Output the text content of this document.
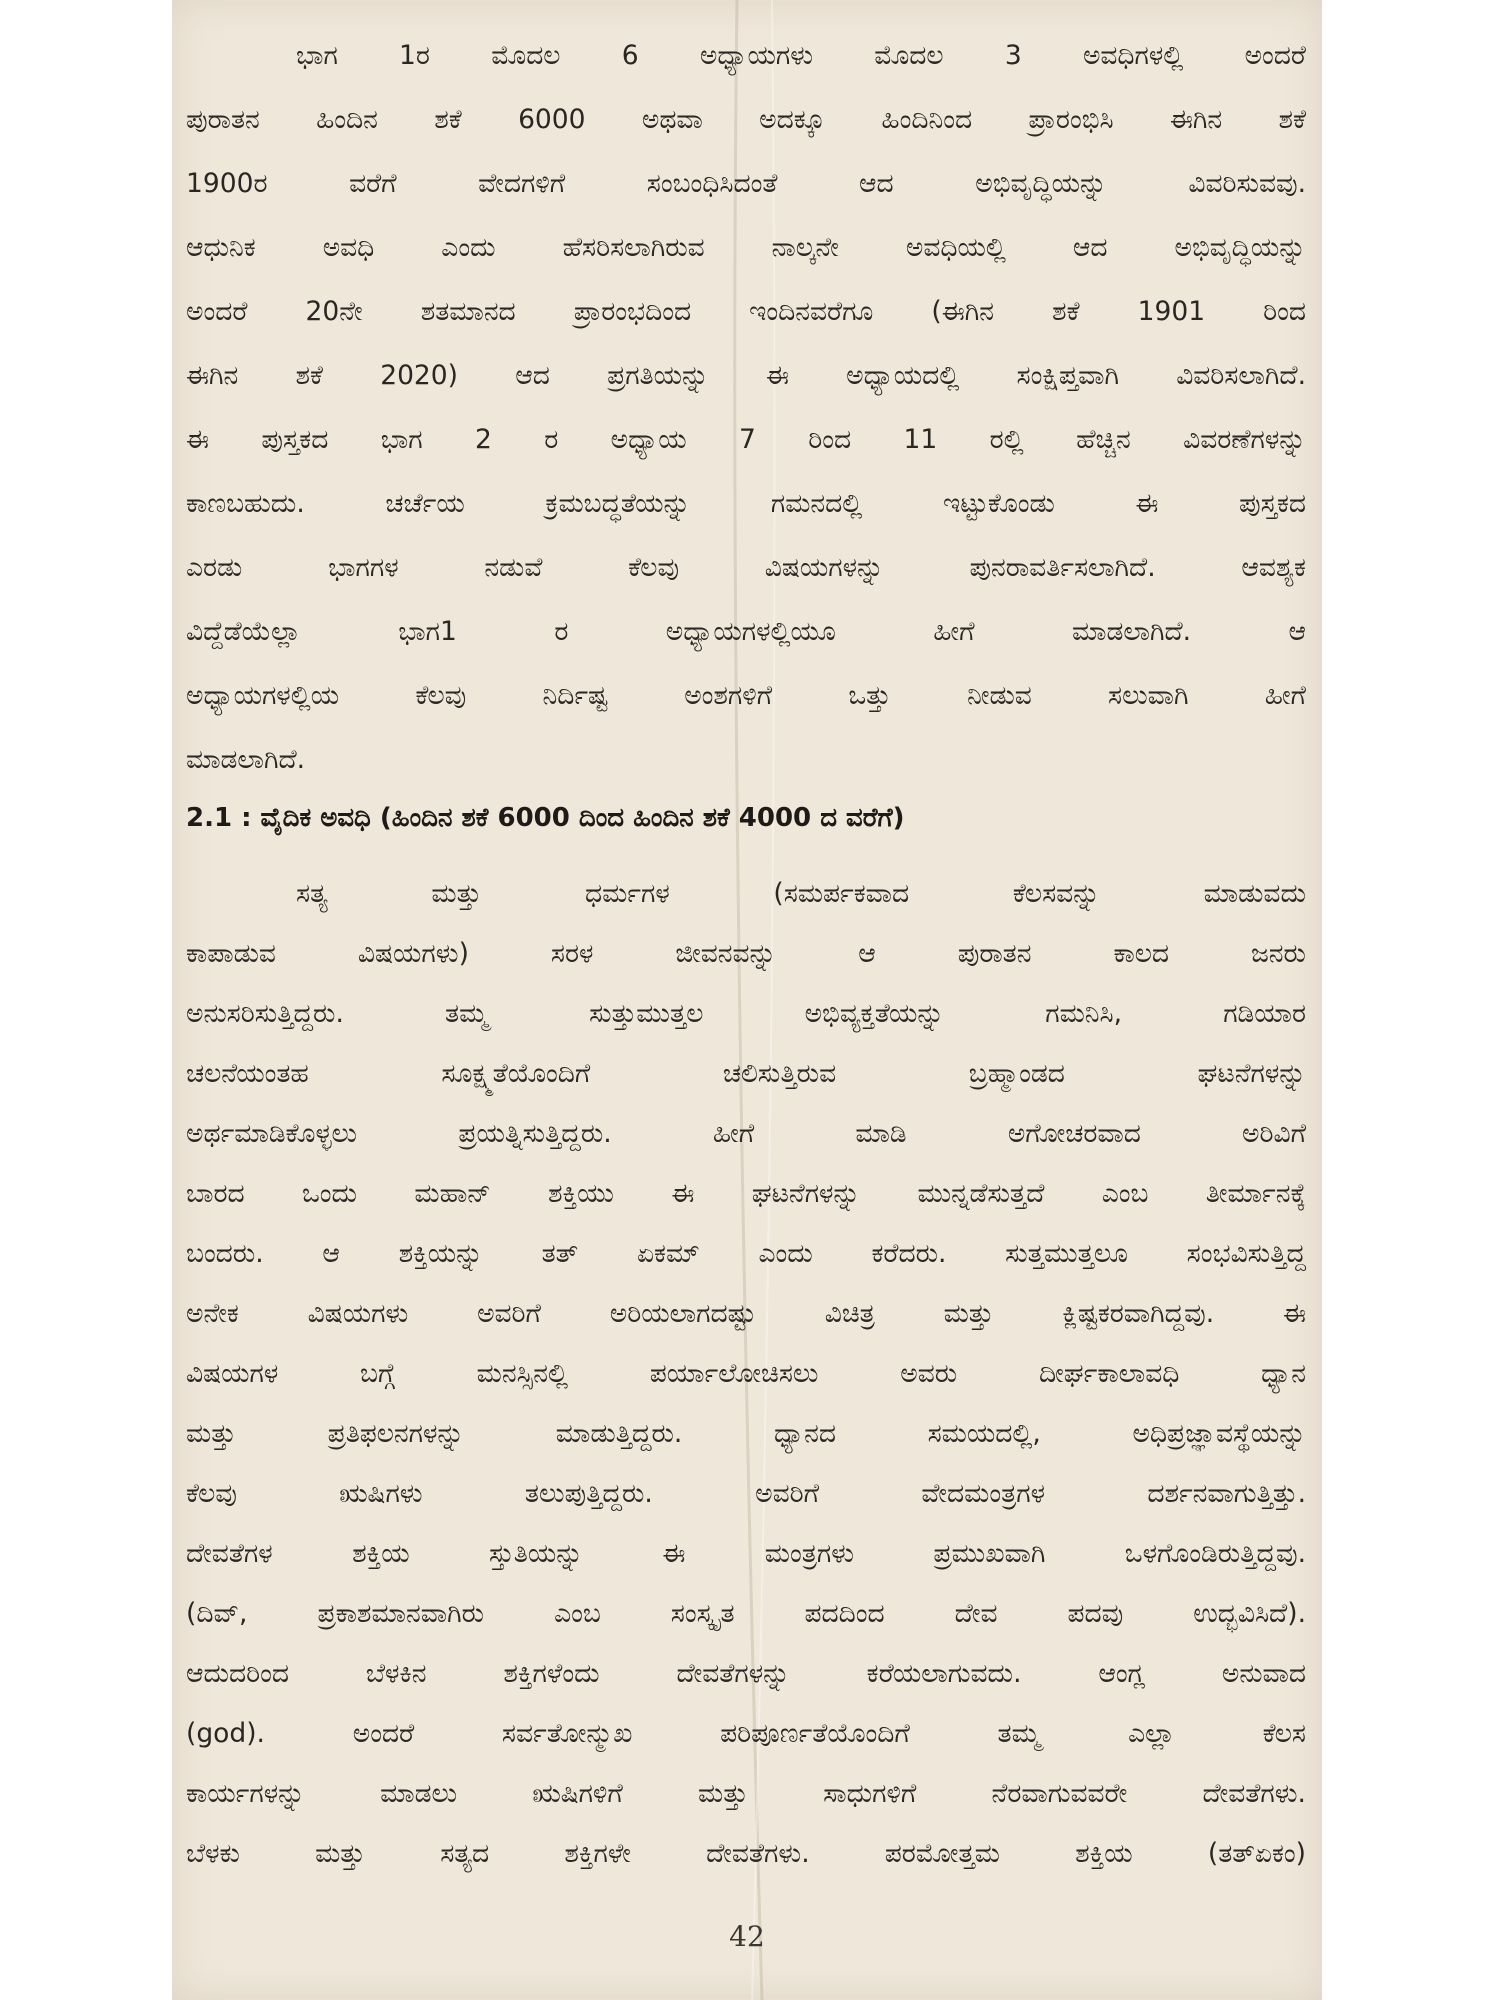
ಭಾಗ 1ರ ಮೊದಲ 6 ಅಧ್ಯಾಯಗಳು ಮೊದಲ 3 ಅವಧಿಗಳಲ್ಲಿ ಅಂದರೆ
ಪುರಾತನ ಹಿಂದಿನ ಶಕೆ 6000 ಅಥವಾ ಅದಕ್ಕೂ ಹಿಂದಿನಿಂದ ಪ್ರಾರಂಭಿಸಿ ಈಗಿನ ಶಕೆ
1900ರ ವರೆಗೆ ವೇದಗಳಿಗೆ ಸಂಬಂಧಿಸಿದಂತೆ ಆದ ಅಭಿವೃದ್ಧಿಯನ್ನು ವಿವರಿಸುವವು.
ಆಧುನಿಕ ಅವಧಿ ಎಂದು ಹೆಸರಿಸಲಾಗಿರುವ ನಾಲ್ಕನೇ ಅವಧಿಯಲ್ಲಿ ಆದ ಅಭಿವೃದ್ಧಿಯನ್ನು
ಅಂದರೆ 20ನೇ ಶತಮಾನದ ಪ್ರಾರಂಭದಿಂದ ಇಂದಿನವರೆಗೂ (ಈಗಿನ ಶಕೆ 1901 ರಿಂದ
ಈಗಿನ ಶಕೆ 2020) ಆದ ಪ್ರಗತಿಯನ್ನು ಈ ಅಧ್ಯಾಯದಲ್ಲಿ ಸಂಕ್ಷಿಪ್ತವಾಗಿ ವಿವರಿಸಲಾಗಿದೆ.
ಈ ಪುಸ್ತಕದ ಭಾಗ 2 ರ ಅಧ್ಯಾಯ 7 ರಿಂದ 11 ರಲ್ಲಿ ಹೆಚ್ಚಿನ ವಿವರಣೆಗಳನ್ನು
ಕಾಣಬಹುದು. ಚರ್ಚೆಯ ಕ್ರಮಬದ್ಧತೆಯನ್ನು ಗಮನದಲ್ಲಿ ಇಟ್ಟುಕೊಂಡು ಈ ಪುಸ್ತಕದ
ಎರಡು ಭಾಗಗಳ ನಡುವೆ ಕೆಲವು ವಿಷಯಗಳನ್ನು ಪುನರಾವರ್ತಿಸಲಾಗಿದೆ. ಆವಶ್ಯಕ
ವಿದ್ದೆಡೆಯೆಲ್ಲಾ ಭಾಗ1 ರ ಅಧ್ಯಾಯಗಳಲ್ಲಿಯೂ ಹೀಗೆ ಮಾಡಲಾಗಿದೆ. ಆ
ಅಧ್ಯಾಯಗಳಲ್ಲಿಯ ಕೆಲವು ನಿರ್ದಿಷ್ಟ ಅಂಶಗಳಿಗೆ ಒತ್ತು ನೀಡುವ ಸಲುವಾಗಿ ಹೀಗೆ
ಮಾಡಲಾಗಿದೆ.
2.1 : ವೈದಿಕ ಅವಧಿ (ಹಿಂದಿನ ಶಕೆ 6000 ದಿಂದ ಹಿಂದಿನ ಶಕೆ 4000 ದ ವರೆಗೆ)
ಸತ್ಯ ಮತ್ತು ಧರ್ಮಗಳ (ಸಮರ್ಪಕವಾದ ಕೆಲಸವನ್ನು ಮಾಡುವದು
ಕಾಪಾಡುವ ವಿಷಯಗಳು) ಸರಳ ಜೀವನವನ್ನು ಆ ಪುರಾತನ ಕಾಲದ ಜನರು
ಅನುಸರಿಸುತ್ತಿದ್ದರು. ತಮ್ಮ ಸುತ್ತುಮುತ್ತಲ ಅಭಿವ್ಯಕ್ತತೆಯನ್ನು ಗಮನಿಸಿ, ಗಡಿಯಾರ
ಚಲನೆಯಂತಹ ಸೂಕ್ಷ್ಮತೆಯೊಂದಿಗೆ ಚಲಿಸುತ್ತಿರುವ ಬ್ರಹ್ಮಾಂಡದ ಘಟನೆಗಳನ್ನು
ಅರ್ಥಮಾಡಿಕೊಳ್ಳಲು ಪ್ರಯತ್ನಿಸುತ್ತಿದ್ದರು. ಹೀಗೆ ಮಾಡಿ ಅಗೋಚರವಾದ ಅರಿವಿಗೆ
ಬಾರದ ಒಂದು ಮಹಾನ್ ಶಕ್ತಿಯು ಈ ಘಟನೆಗಳನ್ನು ಮುನ್ನಡೆಸುತ್ತದೆ ಎಂಬ ತೀರ್ಮಾನಕ್ಕೆ
ಬಂದರು. ಆ ಶಕ್ತಿಯನ್ನು ತತ್ ಏಕಮ್ ಎಂದು ಕರೆದರು. ಸುತ್ತಮುತ್ತಲೂ ಸಂಭವಿಸುತ್ತಿದ್ದ
ಅನೇಕ ವಿಷಯಗಳು ಅವರಿಗೆ ಅರಿಯಲಾಗದಷ್ಟು ವಿಚಿತ್ರ ಮತ್ತು ಕ್ಲಿಷ್ಟಕರವಾಗಿದ್ದವು. ಈ
ವಿಷಯಗಳ ಬಗ್ಗೆ ಮನಸ್ಸಿನಲ್ಲಿ ಪರ್ಯಾಲೋಚಿಸಲು ಅವರು ದೀರ್ಘಕಾಲಾವಧಿ ಧ್ಯಾನ
ಮತ್ತು ಪ್ರತಿಫಲನಗಳನ್ನು ಮಾಡುತ್ತಿದ್ದರು. ಧ್ಯಾನದ ಸಮಯದಲ್ಲಿ, ಅಧಿಪ್ರಜ್ಞಾವಸ್ಥೆಯನ್ನು
ಕೆಲವು ಋಷಿಗಳು ತಲುಪುತ್ತಿದ್ದರು. ಅವರಿಗೆ ವೇದಮಂತ್ರಗಳ ದರ್ಶನವಾಗುತ್ತಿತ್ತು.
ದೇವತೆಗಳ ಶಕ್ತಿಯ ಸ್ತುತಿಯನ್ನು ಈ ಮಂತ್ರಗಳು ಪ್ರಮುಖವಾಗಿ ಒಳಗೊಂಡಿರುತ್ತಿದ್ದವು.
(ದಿವ್, ಪ್ರಕಾಶಮಾನವಾಗಿರು ಎಂಬ ಸಂಸ್ಕೃತ ಪದದಿಂದ ದೇವ ಪದವು ಉದ್ಭವಿಸಿದೆ).
ಆದುದರಿಂದ ಬೆಳಕಿನ ಶಕ್ತಿಗಳೆಂದು ದೇವತೆಗಳನ್ನು ಕರೆಯಲಾಗುವದು. ಆಂಗ್ಲ ಅನುವಾದ
(god). ಅಂದರೆ ಸರ್ವತೋನ್ಮುಖ ಪರಿಪೂರ್ಣತೆಯೊಂದಿಗೆ ತಮ್ಮ ಎಲ್ಲಾ ಕೆಲಸ
ಕಾರ್ಯಗಳನ್ನು ಮಾಡಲು ಋಷಿಗಳಿಗೆ ಮತ್ತು ಸಾಧುಗಳಿಗೆ ನೆರವಾಗುವವರೇ ದೇವತೆಗಳು.
ಬೆಳಕು ಮತ್ತು ಸತ್ಯದ ಶಕ್ತಿಗಳೇ ದೇವತೆಗಳು. ಪರಮೋತ್ತಮ ಶಕ್ತಿಯ (ತತ್‌ಏಕಂ)
42
